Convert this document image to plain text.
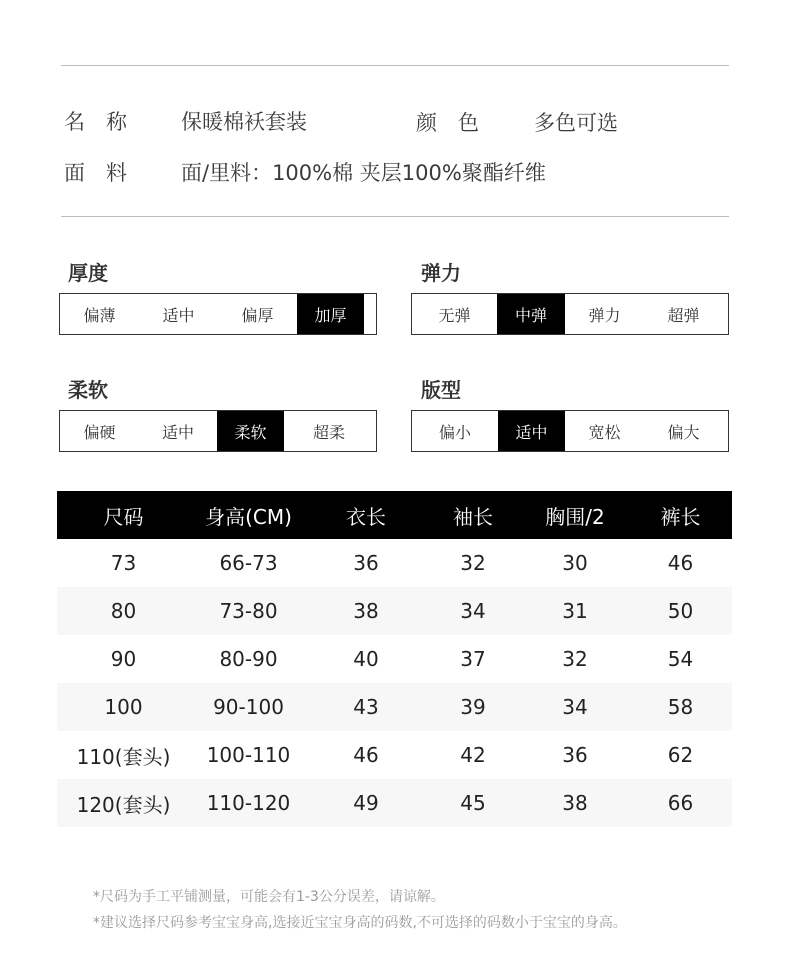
名　称	保暖棉袄套装	颜　色	多色可选
面　料	面/里料：100%棉 夹层100%聚酯纤维
厚度
偏薄	适中	偏厚	加厚
弹力
无弹	中弹	弹力	超弹
柔软
偏硬	适中	柔软	超柔
版型
偏小	适中	宽松	偏大
尺码	身高(CM)	衣长	袖长	胸围/2	裤长
73	66-73	36	32	30	46
80	73-80	38	34	31	50
90	80-90	40	37	32	54
100	90-100	43	39	34	58
110(套头)	100-110	46	42	36	62
120(套头)	110-120	49	45	38	66
*尺码为手工平铺测量，可能会有1-3公分误差，请谅解。
*建议选择尺码参考宝宝身高,选接近宝宝身高的码数,不可选择的码数小于宝宝的身高。
